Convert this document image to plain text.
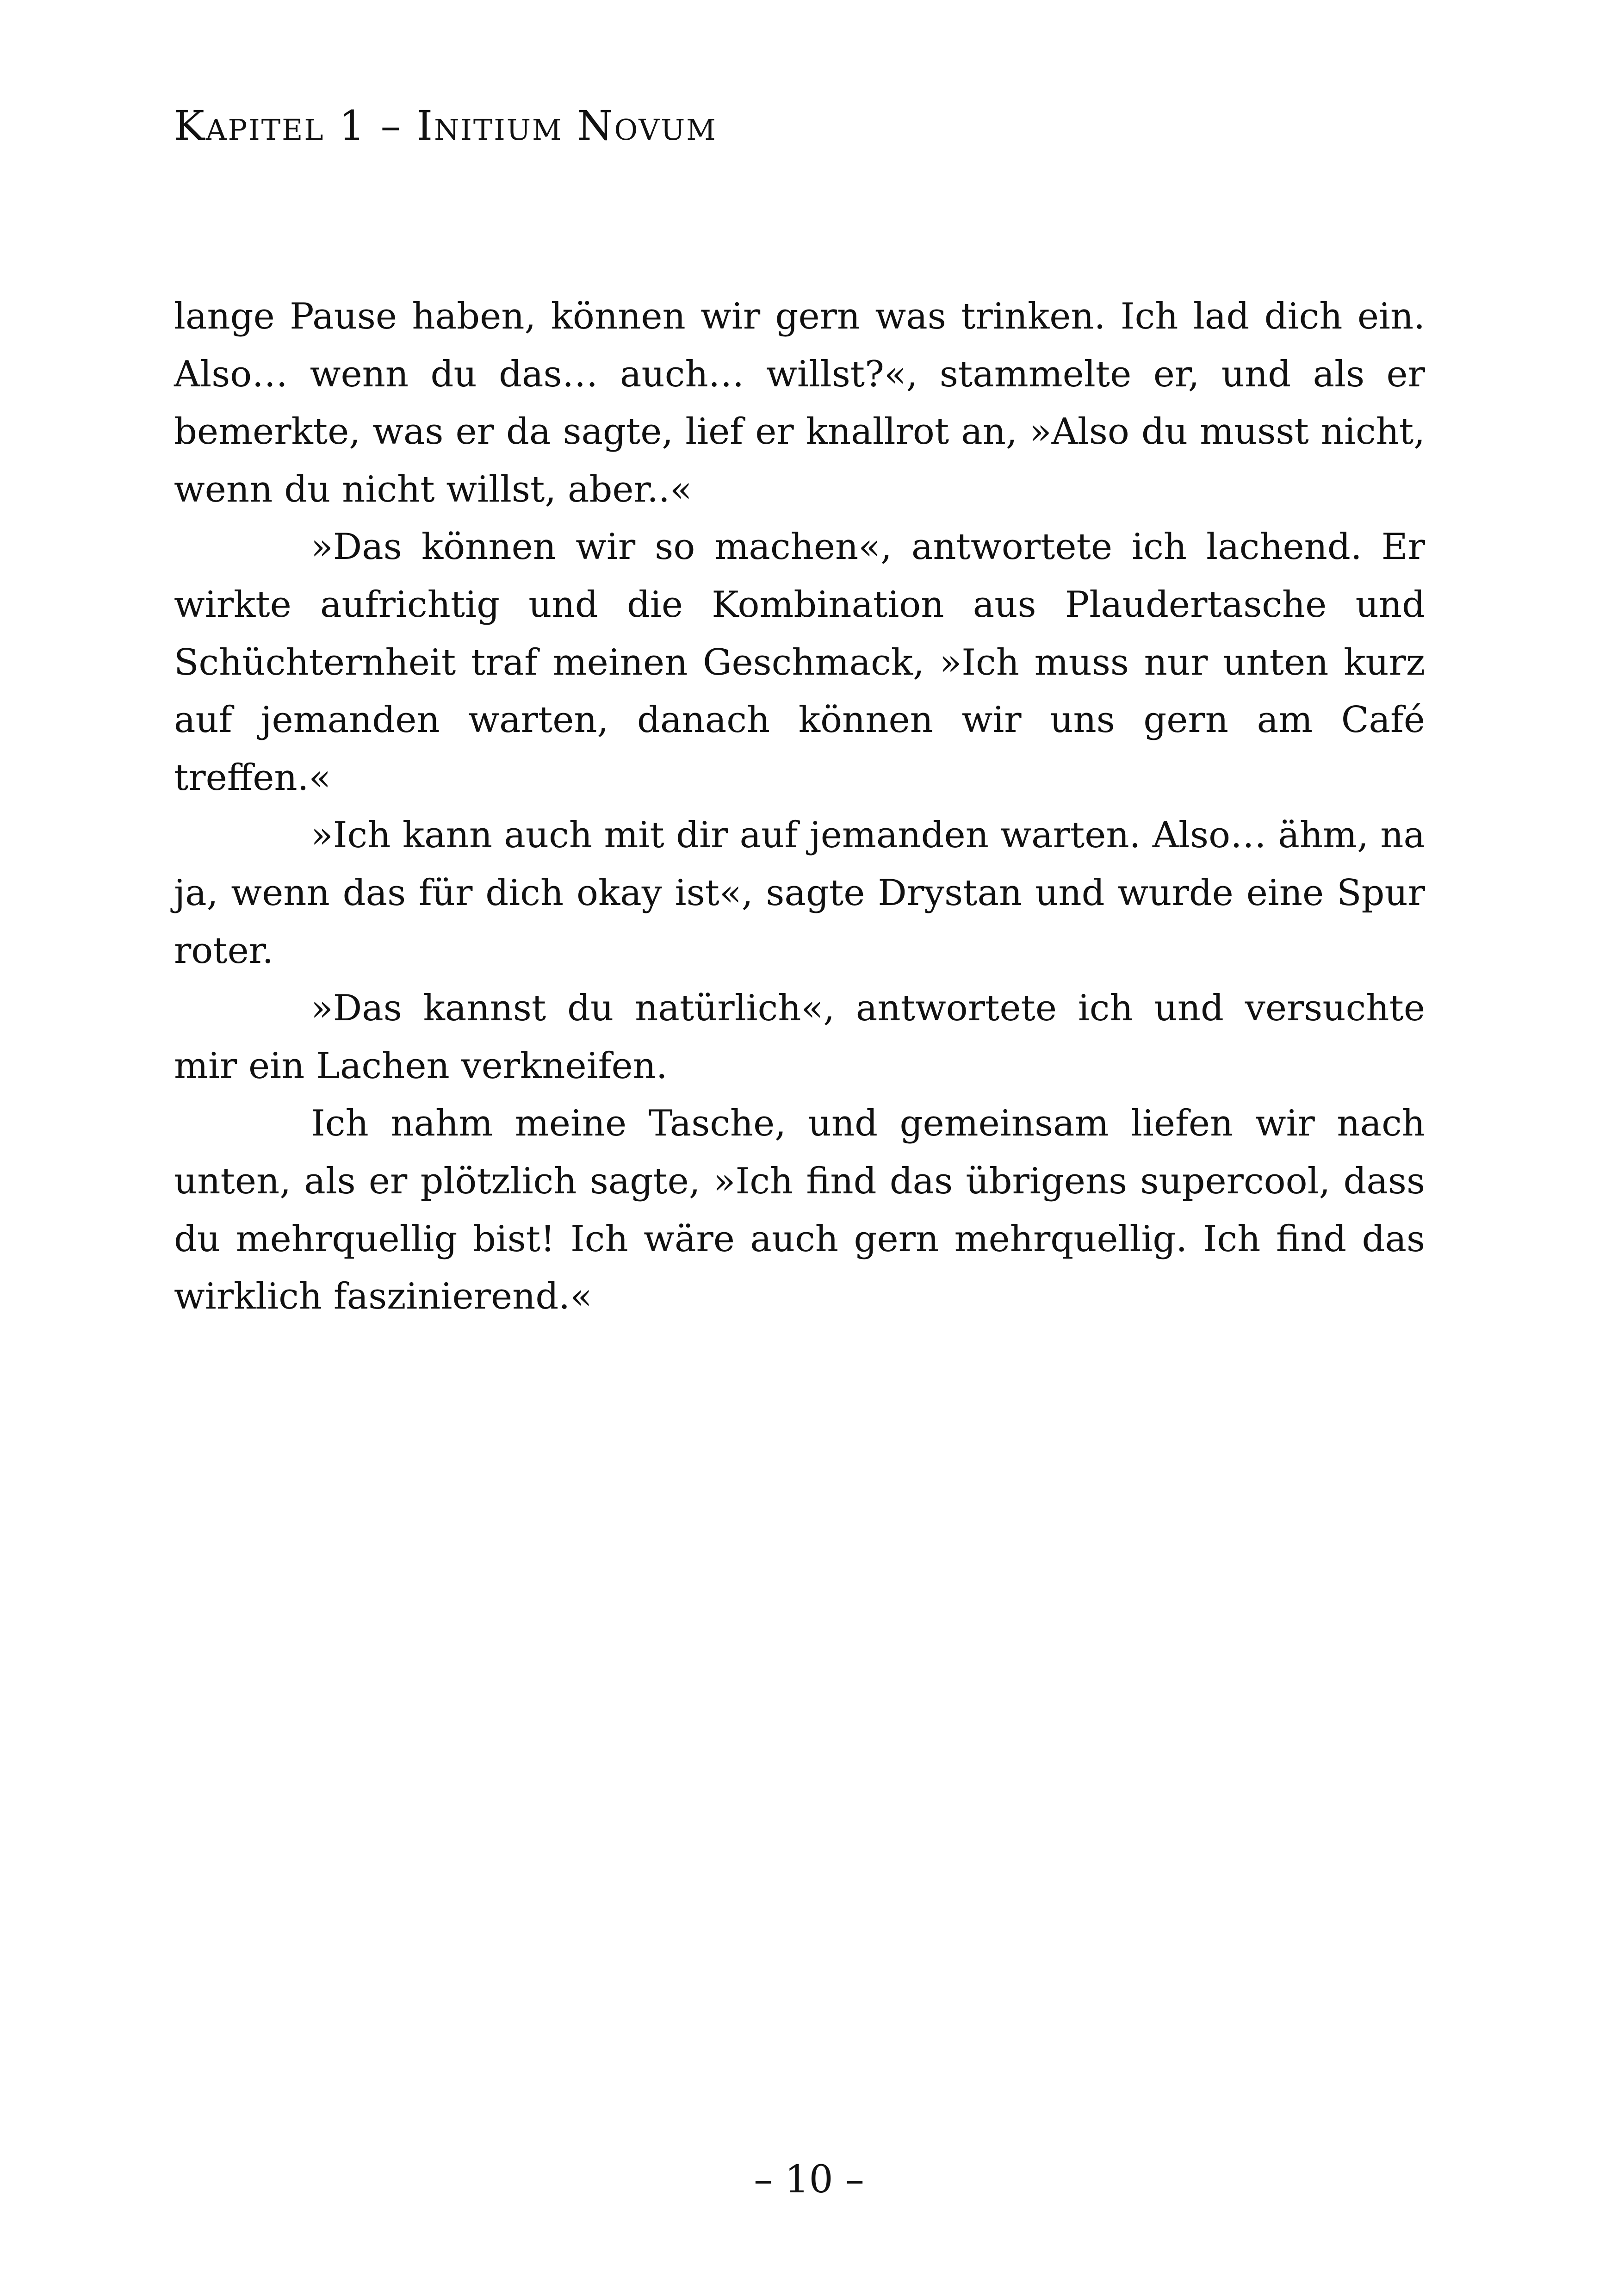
Kapitel 1 – Initium Novum

lange Pause haben, können wir gern was trinken. Ich lad dich ein. Also… wenn du das… auch… willst?«, stammelte er, und als er bemerkte, was er da sagte, lief er knallrot an, »Also du musst nicht, wenn du nicht willst, aber..«

»Das können wir so machen«, antwortete ich lachend. Er wirkte aufrichtig und die Kombination aus Plaudertasche und Schüchternheit traf meinen Geschmack, »Ich muss nur unten kurz auf jemanden warten, danach können wir uns gern am Café treffen.«

»Ich kann auch mit dir auf jemanden warten. Also… ähm, na ja, wenn das für dich okay ist«, sagte Drystan und wurde eine Spur roter.

»Das kannst du natürlich«, antwortete ich und versuchte mir ein Lachen verkneifen.

Ich nahm meine Tasche, und gemeinsam liefen wir nach unten, als er plötzlich sagte, »Ich find das übrigens supercool, dass du mehrquellig bist! Ich wäre auch gern mehrquellig. Ich find das wirklich faszinierend.«

– 10 –
